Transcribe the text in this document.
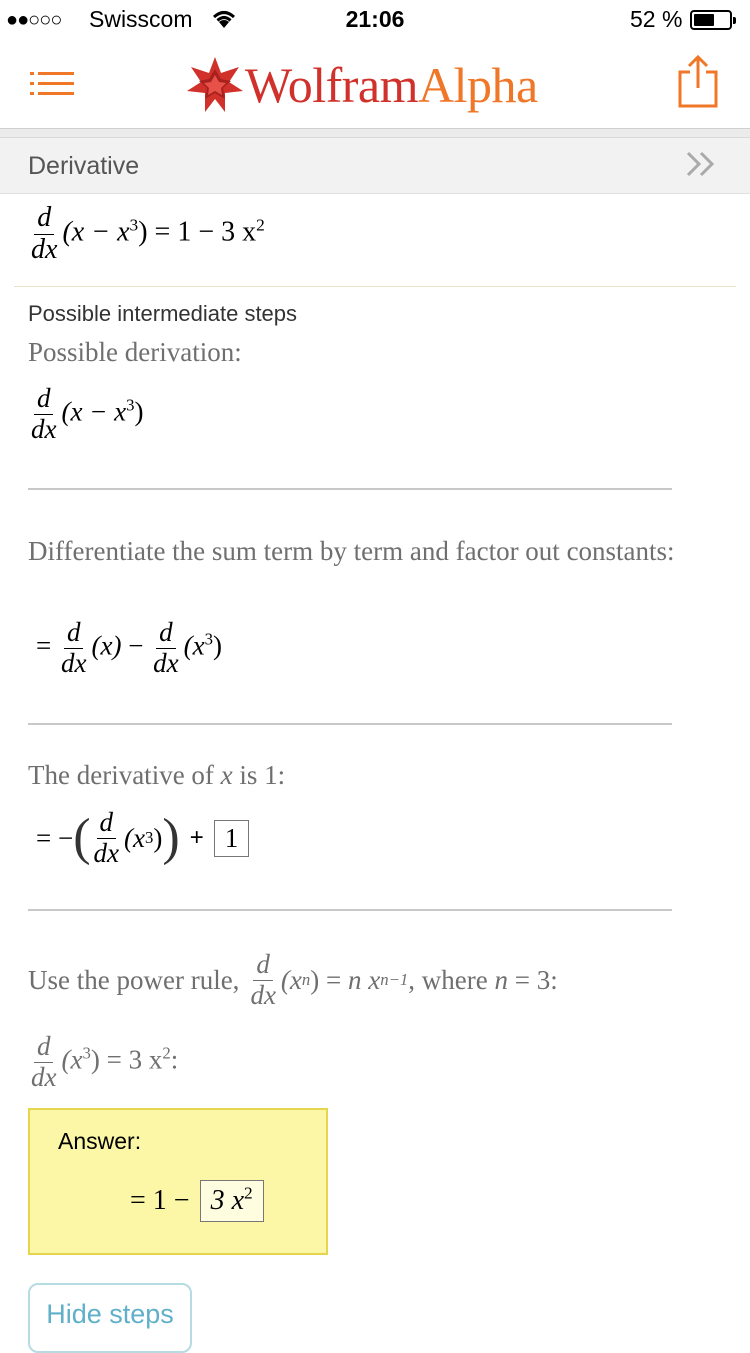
●●○○○ Swisscom	21:06	52 %
WolframAlpha
Derivative
$\frac{d}{dx} (x - x^3) = 1 - 3$ $x^2$
Possible intermediate steps
Possible derivation:
$\frac{d}{dx} (x - x^3)$
Differentiate the sum term by term and factor out constants:
= $\frac{d}{dx} (x) - \frac{d}{dx} (x^3)$
The derivative of x is 1:
= − ( $\frac{d}{dx} (x$ 3 ) ) + 1
Use the power rule, $\frac{d}{dx} (x$ n ) = n x n−1 , where
n
= 3:
$\frac{d}{dx} (x^3) = 3$ $x^2$:
Answer:
= 1 − 3 $x^2$
Hide steps
